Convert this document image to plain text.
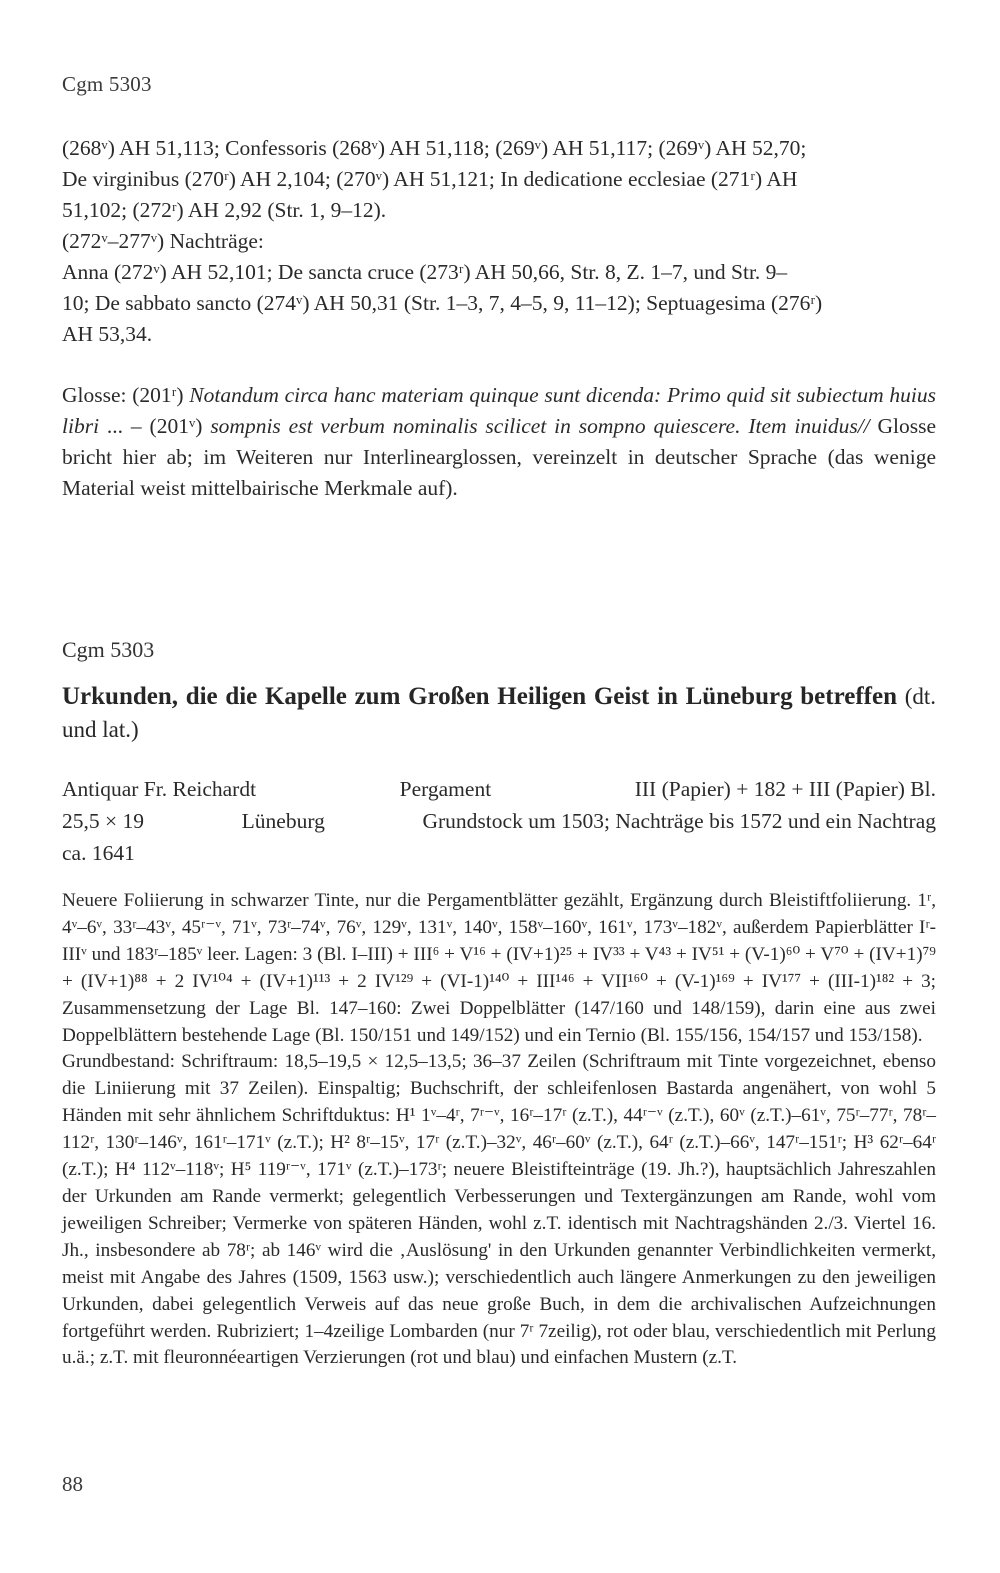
Cgm 5303

(268ᵛ) AH 51,113; Confessoris (268ᵛ) AH 51,118; (269ᵛ) AH 51,117; (269ᵛ) AH 52,70;

De virginibus (270ʳ) AH 2,104; (270ᵛ) AH 51,121; In dedicatione ecclesiae (271ʳ) AH

51,102; (272ʳ) AH 2,92 (Str. 1, 9–12).

(272ᵛ–277ᵛ) Nachträge:

Anna (272ᵛ) AH 52,101; De sancta cruce (273ʳ) AH 50,66, Str. 8, Z. 1–7, und Str. 9–

10; De sabbato sancto (274ᵛ) AH 50,31 (Str. 1–3, 7, 4–5, 9, 11–12); Septuagesima (276ʳ)

AH 53,34.

Glosse: (201ʳ) Notandum circa hanc materiam quinque sunt dicenda: Primo quid sit subiectum huius libri ... – (201ᵛ) sompnis est verbum nominalis scilicet in sompno quiescere. Item inuidus// Glosse bricht hier ab; im Weiteren nur Interlinearglossen, vereinzelt in deutscher Sprache (das wenige Material weist mittelbairische Merkmale auf).
Cgm 5303
Urkunden, die die Kapelle zum Großen Heiligen Geist in Lüneburg betreffen (dt. und lat.)
Antiquar Fr. Reichardt	Pergament	III (Papier) + 182 + III (Papier) Bl.
25,5 × 19	Lüneburg	Grundstock um 1503; Nachträge bis 1572 und ein Nachtrag
ca. 1641

Neuere Foliierung in schwarzer Tinte, nur die Pergamentblätter gezählt, Ergänzung durch Bleistiftfoliierung. 1ʳ, 4ᵛ–6ᵛ, 33ʳ–43ᵛ, 45ʳ⁻ᵛ, 71ᵛ, 73ʳ–74ᵛ, 76ᵛ, 129ᵛ, 131ᵛ, 140ᵛ, 158ᵛ–160ᵛ, 161ᵛ, 173ᵛ–182ᵛ, außerdem Papierblätter Iʳ-IIIᵛ und 183ʳ–185ᵛ leer. Lagen: 3 (Bl. I–III) + III⁶ + V¹⁶ + (IV+1)²⁵ + IV³³ + V⁴³ + IV⁵¹ + (V-1)⁶⁰ + V⁷⁰ + (IV+1)⁷⁹ + (IV+1)⁸⁸ + 2 IV¹⁰⁴ + (IV+1)¹¹³ + 2 IV¹²⁹ + (VI-1)¹⁴⁰ + III¹⁴⁶ + VII¹⁶⁰ + (V-1)¹⁶⁹ + IV¹⁷⁷ + (III-1)¹⁸² + 3; Zusammensetzung der Lage Bl. 147–160: Zwei Doppelblätter (147/160 und 148/159), darin eine aus zwei Doppelblättern bestehende Lage (Bl. 150/151 und 149/152) und ein Ternio (Bl. 155/156, 154/157 und 153/158).

Grundbestand: Schriftraum: 18,5–19,5 × 12,5–13,5; 36–37 Zeilen (Schriftraum mit Tinte vorgezeichnet, ebenso die Liniierung mit 37 Zeilen). Einspaltig; Buchschrift, der schleifenlosen Bastarda angenähert, von wohl 5 Händen mit sehr ähnlichem Schriftduktus: H¹ 1ᵛ–4ʳ, 7ʳ⁻ᵛ, 16ʳ–17ʳ (z.T.), 44ʳ⁻ᵛ (z.T.), 60ᵛ (z.T.)–61ᵛ, 75ʳ–77ʳ, 78ʳ–112ʳ, 130ʳ–146ᵛ, 161ʳ–171ᵛ (z.T.); H² 8ʳ–15ᵛ, 17ʳ (z.T.)–32ᵛ, 46ʳ–60ᵛ (z.T.), 64ʳ (z.T.)–66ᵛ, 147ʳ–151ʳ; H³ 62ʳ–64ʳ (z.T.); H⁴ 112ᵛ–118ᵛ; H⁵ 119ʳ⁻ᵛ, 171ᵛ (z.T.)–173ʳ; neuere Bleistifteinträge (19. Jh.?), hauptsächlich Jahreszahlen der Urkunden am Rande vermerkt; gelegentlich Verbesserungen und Textergänzungen am Rande, wohl vom jeweiligen Schreiber; Vermerke von späteren Händen, wohl z.T. identisch mit Nachtragshänden 2./3. Viertel 16. Jh., insbesondere ab 78ʳ; ab 146ᵛ wird die ‚Auslösung' in den Urkunden genannter Verbindlichkeiten vermerkt, meist mit Angabe des Jahres (1509, 1563 usw.); verschiedentlich auch längere Anmerkungen zu den jeweiligen Urkunden, dabei gelegentlich Verweis auf das neue große Buch, in dem die archivalischen Aufzeichnungen fortgeführt werden. Rubriziert; 1–4zeilige Lombarden (nur 7ʳ 7zeilig), rot oder blau, verschiedentlich mit Perlung u.ä.; z.T. mit fleuronnéeartigen Verzierungen (rot und blau) und einfachen Mustern (z.T.

88
